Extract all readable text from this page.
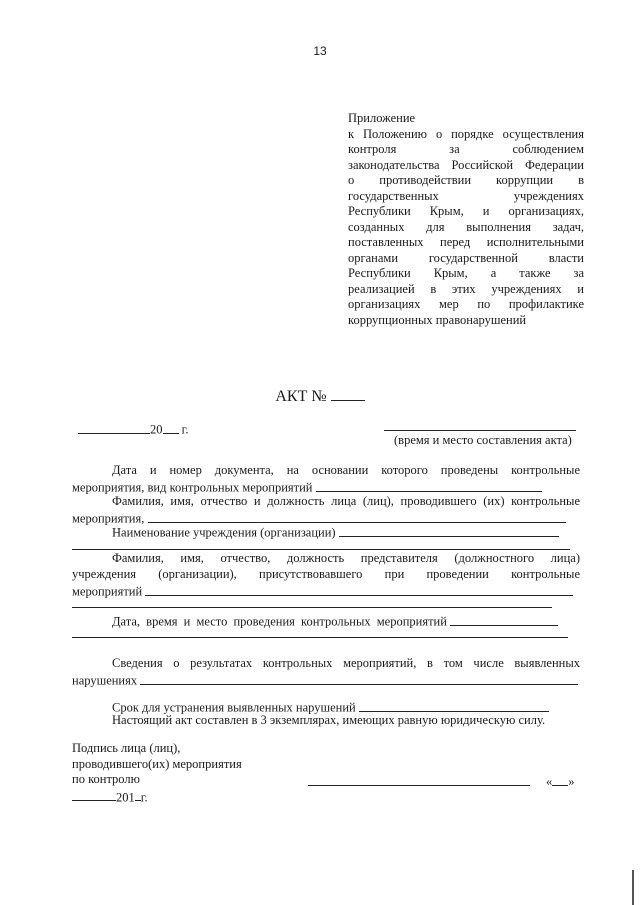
13
Приложение
к Положению о порядке осуществления
контроля за соблюдением
законодательства Российской Федерации
о противодействии коррупции в
государственных учреждениях
Республики Крым, и организациях,
созданных для выполнения задач,
поставленных перед исполнительными
органами государственной власти
Республики Крым, а также за
реализацией в этих учреждениях и
организациях мер по профилактике
коррупционных правонарушений
АКТ №
20 г.
(время и место составления акта)
Дата и номер документа, на основании которого проведены контрольные
мероприятия, вид контрольных мероприятий
Фамилия, имя, отчество и должность лица (лиц), проводившего (их) контрольные
мероприятия,
Наименование учреждения (организации)
Фамилия, имя, отчество, должность представителя (должностного лица)
учреждения (организации), присутствовавшего при проведении контрольные
мероприятий
Дата, время и место проведения контрольных мероприятий
Сведения о результатах контрольных мероприятий, в том числе выявленных
нарушениях
Срок для устранения выявленных нарушений
Настоящий акт составлен в 3 экземплярах, имеющих равную юридическую силу.
Подпись лица (лиц),
проводившего(их) мероприятия
по контролю
201 г.
« »
